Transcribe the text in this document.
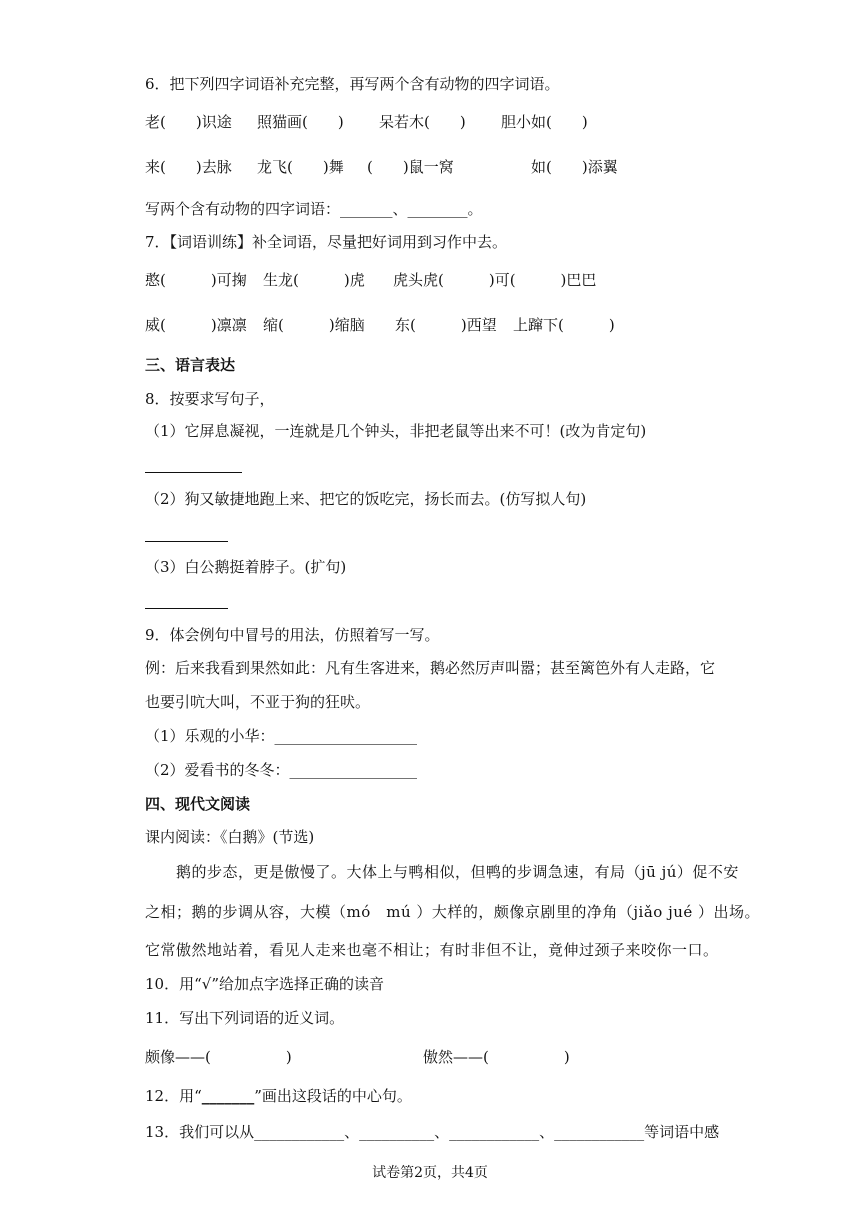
6．把下列四字词语补充完整，再写两个含有动物的四字词语。
老(　　)识途 照猫画(　　) 呆若木(　　) 胆小如(　　)
来(　　)去脉 龙飞(　　)舞 (　　)鼠一窝	如(　　)添翼
写两个含有动物的四字词语：_______、________。
7．【词语训练】补全词语，尽量把好词用到习作中去。
憨(　　　)可掬 生龙(　　　)虎 虎头虎(　　　)可(　　　)巴巴
威(　　　)凛凛 缩(　　　)缩脑 东(　　　)西望 上蹿下(　　　)
三、语言表达
8．按要求写句子，
（1）它屏息凝视，一连就是几个钟头，非把老鼠等出来不可！(改为肯定句)
（2）狗又敏捷地跑上来、把它的饭吃完，扬长而去。(仿写拟人句)
（3）白公鹅挺着脖子。(扩句)
9．体会例句中冒号的用法，仿照着写一写。
例：后来我看到果然如此：凡有生客进来，鹅必然厉声叫嚣；甚至篱笆外有人走路，它
也要引吭大叫，不亚于狗的狂吠。
（1）乐观的小华：___________________
（2）爱看书的冬冬：_________________
四、现代文阅读
课内阅读：《白鹅》(节选)
　　鹅的步态，更是傲慢了。大体上与鸭相似，但鸭的步调急速，有局（jū jú）促不安
之相；鹅的步调从容，大模（mó　mú ）大样的，颇像京剧里的净角（jiǎo jué ）出场。
它常傲然地站着，看见人走来也毫不相让；有时非但不让，竟伸过颈子来咬你一口。
10．用“√”给加点字选择正确的读音
11．写出下列词语的近义词。
颇像——(　　　　　)	傲然——(　　　　　)
12．用“_______”画出这段话的中心句。
13．我们可以从____________、__________、____________、____________等词语中感
试卷第2页，共4页
